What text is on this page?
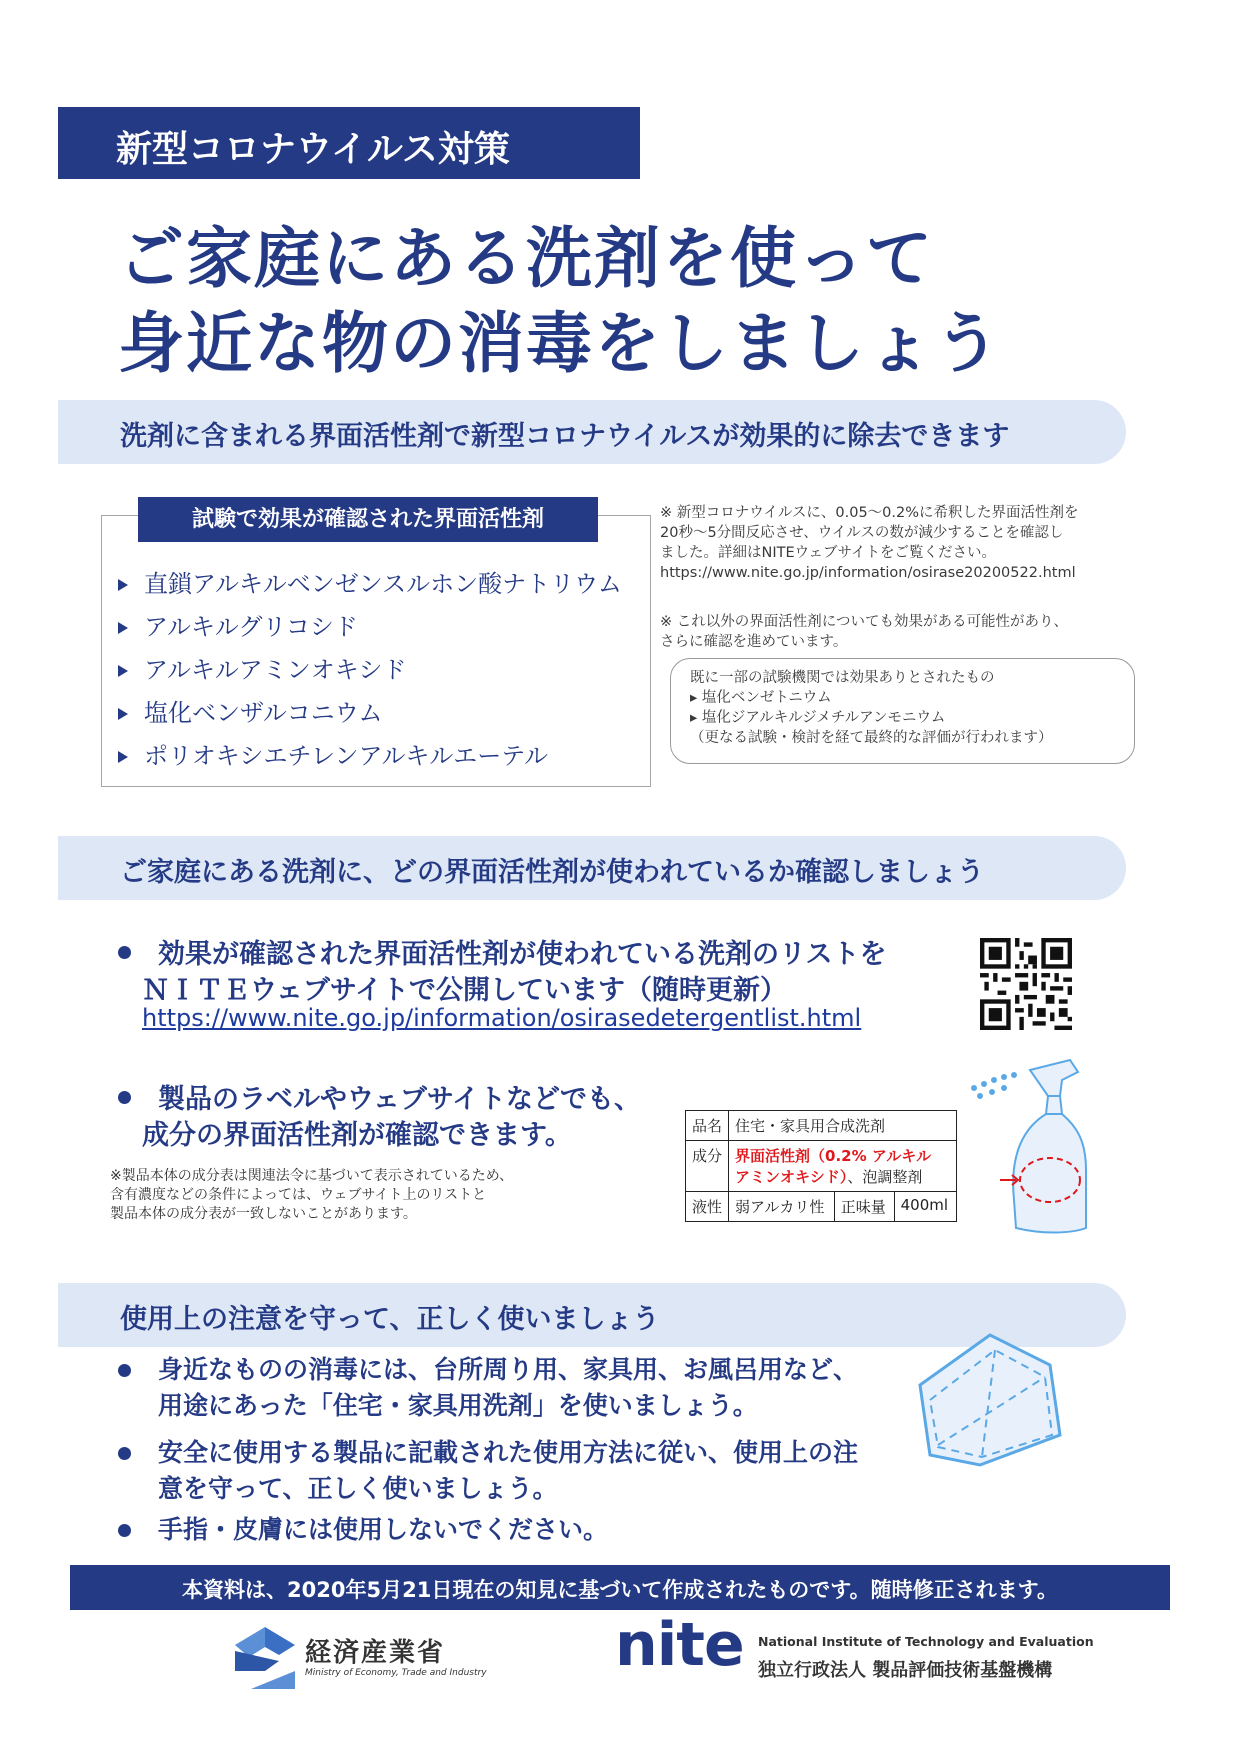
新型コロナウイルス対策
ご家庭にある洗剤を使って
身近な物の消毒をしましょう
洗剤に含まれる界面活性剤で新型コロナウイルスが効果的に除去できます
試験で効果が確認された界面活性剤
直鎖アルキルベンゼンスルホン酸ナトリウム
アルキルグリコシド
アルキルアミンオキシド
塩化ベンザルコニウム
ポリオキシエチレンアルキルエーテル
※ 新型コロナウイルスに、0.05～0.2%に希釈した界面活性剤を
20秒～5分間反応させ、ウイルスの数が減少することを確認し
ました。詳細はNITEウェブサイトをご覧ください。
https://www.nite.go.jp/information/osirase20200522.html
※ これ以外の界面活性剤についても効果がある可能性があり、
さらに確認を進めています。
既に一部の試験機関では効果ありとされたもの
▸ 塩化ベンゼトニウム
▸ 塩化ジアルキルジメチルアンモニウム
（更なる試験・検討を経て最終的な評価が行われます）
ご家庭にある洗剤に、どの界面活性剤が使われているか確認しましょう
効果が確認された界面活性剤が使われている洗剤のリストを
ＮＩＴＥウェブサイトで公開しています（随時更新）
https://www.nite.go.jp/information/osirasedetergentlist.html
製品のラベルやウェブサイトなどでも、
成分の界面活性剤が確認できます。
※製品本体の成分表は関連法令に基づいて表示されているため、
含有濃度などの条件によっては、ウェブサイト上のリストと
製品本体の成分表が一致しないことがあります。
品名	住宅・家具用合成洗剤		
成分	界面活性剤（0.2% アルキル
アミンオキシド）、泡調整剤		
液性	弱アルカリ性	正味量	400ml
使用上の注意を守って、正しく使いましょう
身近なものの消毒には、台所周り用、家具用、お風呂用など、
用途にあった「住宅・家具用洗剤」を使いましょう。
安全に使用する製品に記載された使用方法に従い、使用上の注
意を守って、正しく使いましょう。
手指・皮膚には使用しないでください。
本資料は、2020年5月21日現在の知見に基づいて作成されたものです。随時修正されます。
経済産業省
Ministry of Economy, Trade and Industry nite National Institute of Technology and Evaluation
独立行政法人 製品評価技術基盤機構
